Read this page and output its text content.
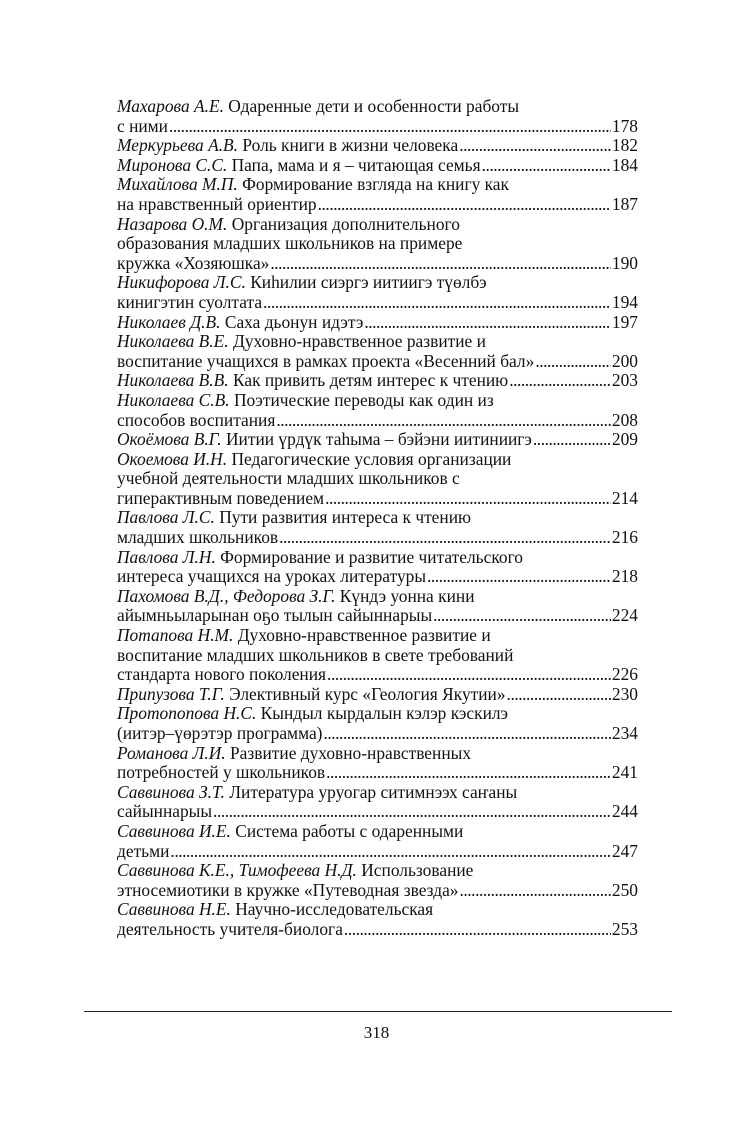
Махарова А.Е. Одаренные дети и особенности работы
с ними . . .	178
Меркурьева А.В. Роль книги в жизни человека . . .	182
Миронова С.С. Папа, мама и я – читающая семья . . .	184
Михайлова М.П. Формирование взгляда на книгу как
на нравственный ориентир . . .	187
Назарова О.М. Организация дополнительного
образования младших школьников на примере
кружка «Хозяюшка» . . .	190
Никифорова Л.С. Киhилии сиэргэ иитиигэ түөлбэ
кинигэтин суолтата . . .	194
Николаев Д.В. Саха дьонун идэтэ . . .	197
Николаева В.Е. Духовно-нравственное развитие и
воспитание учащихся в рамках проекта «Весенний бал» . . .	200
Николаева В.В. Как привить детям интерес к чтению . . .	203
Николаева С.В. Поэтические переводы как один из
способов воспитания . . .	208
Окоёмова В.Г. Иитии үрдүк таhыма – бэйэни иитиниигэ . . .	209
Окоемова И.Н. Педагогические условия организации
учебной деятельности младших школьников с
гиперактивным поведением . . .	214
Павлова Л.С. Пути развития интереса к чтению
младших школьников . . .	216
Павлова Л.Н. Формирование и развитие читательского
интереса учащихся на уроках литературы . . .	218
Пахомова В.Д., Федорова З.Г. Күндэ уонна кини
айымньыларынан оҕо тылын сайыннарыы . . .	224
Потапова Н.М. Духовно-нравственное развитие и
воспитание младших школьников в свете требований
стандарта нового поколения . . .	226
Припузова Т.Г. Элективный курс «Геология Якутии» . . .	230
Протопопова Н.С. Кындыл кырдалын кэлэр кэскилэ
(иитэр–үөрэтэр программа) . . .	234
Романова Л.И. Развитие духовно-нравственных
потребностей у школьников . . .	241
Саввинова З.Т. Литература уруогар ситимнээх саҥаны
сайыннарыы . . .	244
Саввинова И.Е. Система работы с одаренными
детьми . . .	247
Саввинова К.Е., Тимофеева Н.Д. Использование
этносемиотики в кружке «Путеводная звезда» . . .	250
Саввинова Н.Е. Научно-исследовательская
деятельность учителя-биолога . . .	253
318
